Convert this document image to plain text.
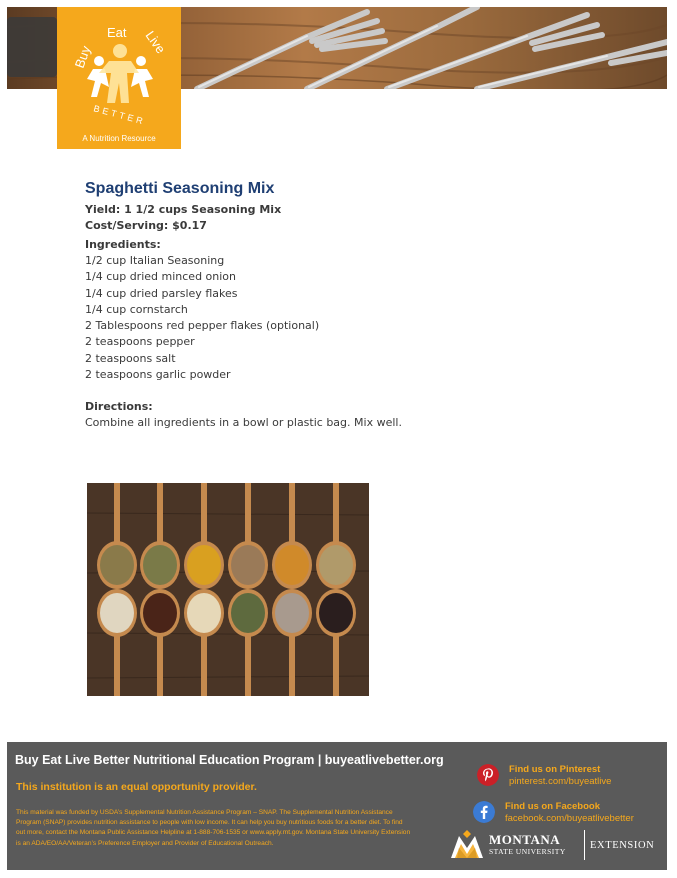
Buy
Eat Live
BETTER
A Nutrition Resource
Spaghetti Seasoning Mix
Yield: 1 1/2 cups Seasoning Mix
Cost/Serving: $0.17
Ingredients:
1/2 cup Italian Seasoning
1/4 cup dried minced onion
1/4 cup dried parsley flakes
1/4 cup cornstarch
2 Tablespoons red pepper flakes (optional)
2 teaspoons pepper
2 teaspoons salt
2 teaspoons garlic powder
Directions:
Combine all ingredients in a bowl or plastic bag. Mix well.
Buy Eat Live Better Nutritional Education Program | buyeatlivebetter.org
This institution is an equal opportunity provider.
This material was funded by USDA’s Supplemental Nutrition Assistance Program – SNAP. The Supplemental Nutrition Assistance Program (SNAP) provides nutrition assistance to people with low income. It can help you buy nutritious foods for a better diet. To find out more, contact the Montana Public Assistance Helpline at 1-888-706-1535 or www.apply.mt.gov. Montana State University Extension is an ADA/EO/AA/Veteran’s Preference Employer and Provider of Educational Outreach.
Find us on Pinterest
pinterest.com/buyeatlive
Find us on Facebook
facebook.com/buyeatlivebetter
MONTANA
STATE UNIVERSITY
EXTENSION
